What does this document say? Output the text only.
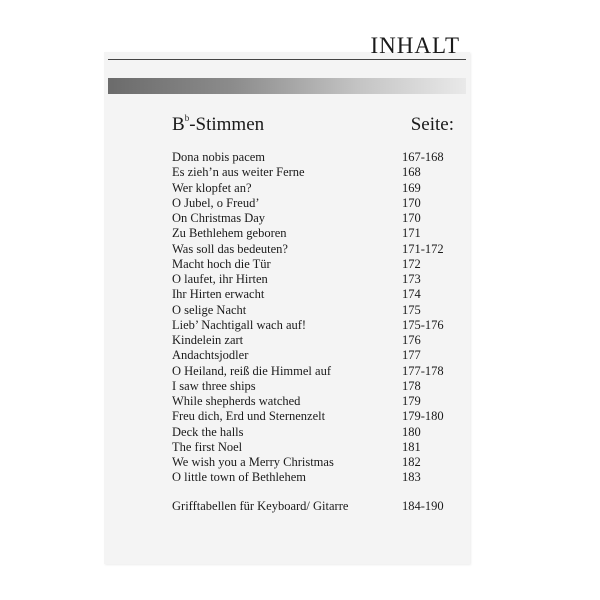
INHALT
$B^b$-Stimmen	Seite:
Dona nobis pacem	167-168
Es zieh’n aus weiter Ferne	168
Wer klopfet an?	169
O Jubel, o Freud’	170
On Christmas Day	170
Zu Bethlehem geboren	171
Was soll das bedeuten?	171-172
Macht hoch die Tür	172
O laufet, ihr Hirten	173
Ihr Hirten erwacht	174
O selige Nacht	175
Lieb’ Nachtigall wach auf!	175-176
Kindelein zart	176
Andachtsjodler	177
O Heiland, reiß die Himmel auf	177-178
I saw three ships	178
While shepherds watched	179
Freu dich, Erd und Sternenzelt	179-180
Deck the halls	180
The first Noel	181
We wish you a Merry Christmas	182
O little town of Bethlehem	183
Grifftabellen für Keyboard/ Gitarre	184-190
